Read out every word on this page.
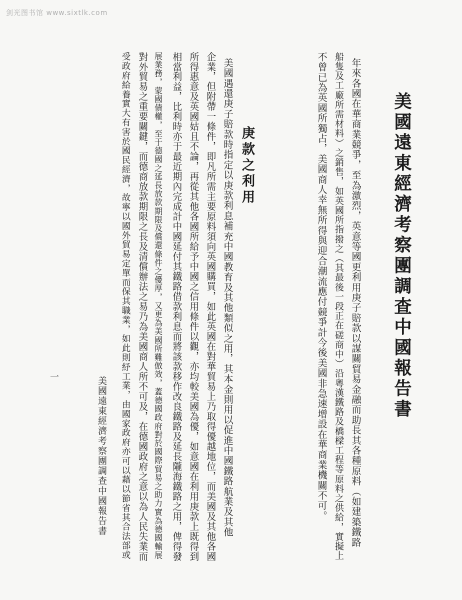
剑光图书馆 www.sixtlk.com
美國遠東經濟考察團調查中國報告書
年來各國在華商業競爭，至為激烈，英意等國更利用庚子賠款以謀關貿易金融而助長其各種原料（如建築鐵路
船隻及工廠所需材料）之銷售，如英國所指撥之（其最後一段正在磋商中）沿粵漢鐵路及橋樑工程等原料之供給，實擬上
不曾已為英國所獨占，美國商人幸無所得與迎合潮流應付競爭計今後美國非急速增設在華商業機關不可。
庚款之利用
美國遇還庚子賠款時指定以庚款利息補充中國教育及其他類似之用，其本金則用以促進中國鐵路航業及其他
企業，但附帶一條件，即凡所需主要原料須向英國購買，如此英國在對華貿易上乃取得優越地位，而美國及其他各國
所得惠意及英國姑且不論，再從其他各國所給予中國之信用條件以觀，亦均較美國為優，如意國在利用庚款上既得到
相當利益，比利時亦于最近期內完成計中國延付其鐵路借款利息而將該款移作改良鐵路及延長隴海鐵路之用，俾得發
展業務，蒙國債權，至于德國之延長放款期限及償還條件之優厚，又更為美國所難倣效，蓋德國政府對於國際貿易之助力實為德國輸展
對外貿易之重要關鍵，而德商放款期限之長及清償辦法之易乃為美國商人所不可及，在德國政府之意以為人民失業而
受政府給養實大有害於國民經濟，故寧以國外貿易定單而保其職業，如此則紓工業，由國家政府亦可以藉以節省其合法部或
美國遠東經濟考察團調查中國報告書
一
